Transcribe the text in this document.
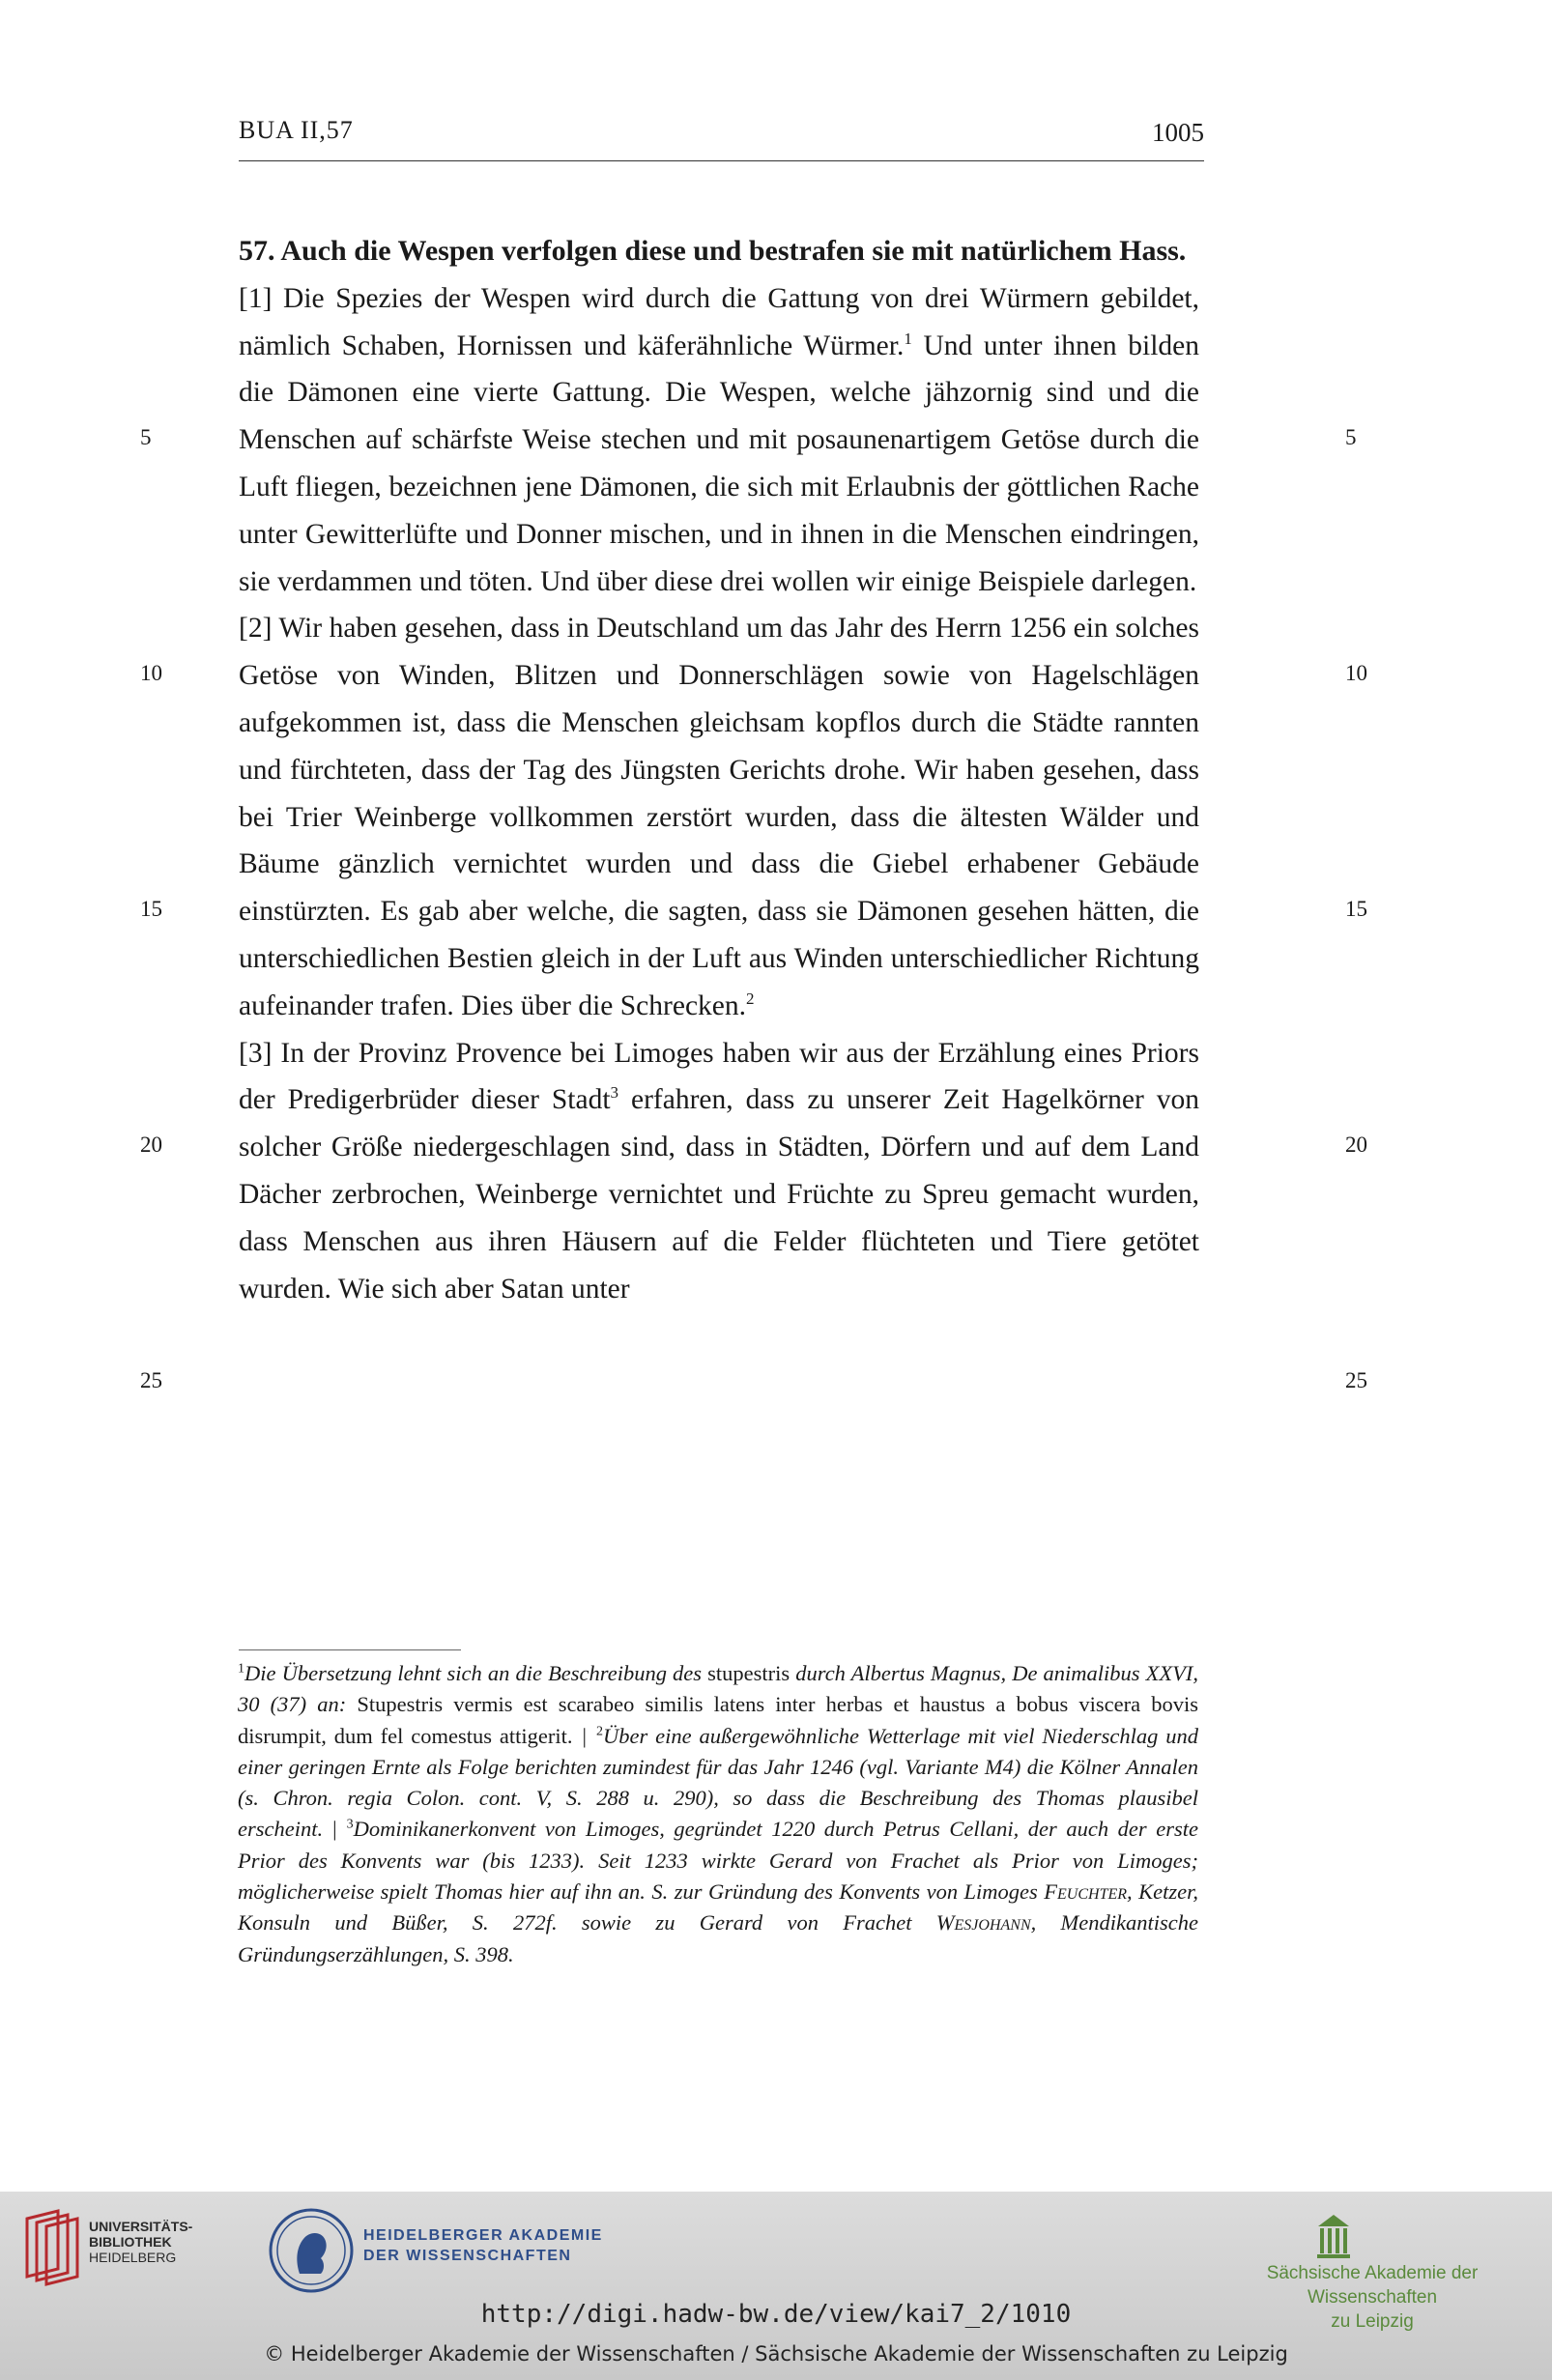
BUA II,57	1005

57. Auch die Wespen verfolgen diese und bestrafen sie mit natürlichem Hass.

[1] Die Spezies der Wespen wird durch die Gattung von drei Würmern gebildet, nämlich Schaben, Hornissen und käferähnliche Würmer.$^1$ Und unter ihnen bilden die Dämonen eine vierte Gattung. Die Wespen, welche jähzornig sind und die Menschen auf schärfste Weise stechen und mit posaunenartigem Getöse durch die Luft fliegen, bezeichnen jene Dämonen, die sich mit Erlaubnis der göttlichen Rache unter Gewitterlüfte und Donner mischen, und in ihnen in die Menschen eindringen, sie verdammen und töten. Und über diese drei wollen wir einige Beispiele darlegen.

[2] Wir haben gesehen, dass in Deutschland um das Jahr des Herrn 1256 ein solches Getöse von Winden, Blitzen und Donnerschlägen sowie von Hagelschlägen aufgekommen ist, dass die Menschen gleichsam kopflos durch die Städte rannten und fürchteten, dass der Tag des Jüngsten Gerichts drohe. Wir haben gesehen, dass bei Trier Weinberge vollkommen zerstört wurden, dass die ältesten Wälder und Bäume gänzlich vernichtet wurden und dass die Giebel erhabener Gebäude einstürzten. Es gab aber welche, die sagten, dass sie Dämonen gesehen hätten, die unterschiedlichen Bestien gleich in der Luft aus Winden unterschiedlicher Richtung aufeinander trafen. Dies über die Schrecken.$^2$

[3] In der Provinz Provence bei Limoges haben wir aus der Erzählung eines Priors der Predigerbrüder dieser Stadt$^3$ erfahren, dass zu unserer Zeit Hagelkörner von solcher Größe niedergeschlagen sind, dass in Städten, Dörfern und auf dem Land Dächer zerbrochen, Weinberge vernichtet und Früchte zu Spreu gemacht wurden, dass Menschen aus ihren Häusern auf die Felder flüchteten und Tiere getötet wurden. Wie sich aber Satan unter

5
10
15
20
25
5
10
15
20
25
$^1$Die Übersetzung lehnt sich an die Beschreibung des stupestris durch Albertus Magnus, De animalibus XXVI, 30 (37) an: Stupestris vermis est scarabeo similis latens inter herbas et haustus a bobus viscera bovis disrumpit, dum fel comestus attigerit. | $^2$Über eine außergewöhnliche Wetterlage mit viel Niederschlag und einer geringen Ernte als Folge berichten zumindest für das Jahr 1246 (vgl. Variante M4) die Kölner Annalen (s. Chron. regia Colon. cont. V, S. 288 u. 290), so dass die Beschreibung des Thomas plausibel erscheint. | $^3$Dominikanerkonvent von Limoges, gegründet 1220 durch Petrus Cellani, der auch der erste Prior des Konvents war (bis 1233). Seit 1233 wirkte Gerard von Frachet als Prior von Limoges; möglicherweise spielt Thomas hier auf ihn an. S. zur Gründung des Konvents von Limoges Feuchter, Ketzer, Konsuln und Büßer, S. 272f. sowie zu Gerard von Frachet Wesjohann, Mendikantische Gründungserzählungen, S. 398.
UNIVERSITÄTS-
BIBLIOTHEK
HEIDELBERG
HEIDELBERGER AKADEMIE
DER WISSENSCHAFTEN
Sächsische Akademie der Wissenschaften
zu Leipzig
http://digi.hadw-bw.de/view/kai7_2/1010
© Heidelberger Akademie der Wissenschaften / Sächsische Akademie der Wissenschaften zu Leipzig
